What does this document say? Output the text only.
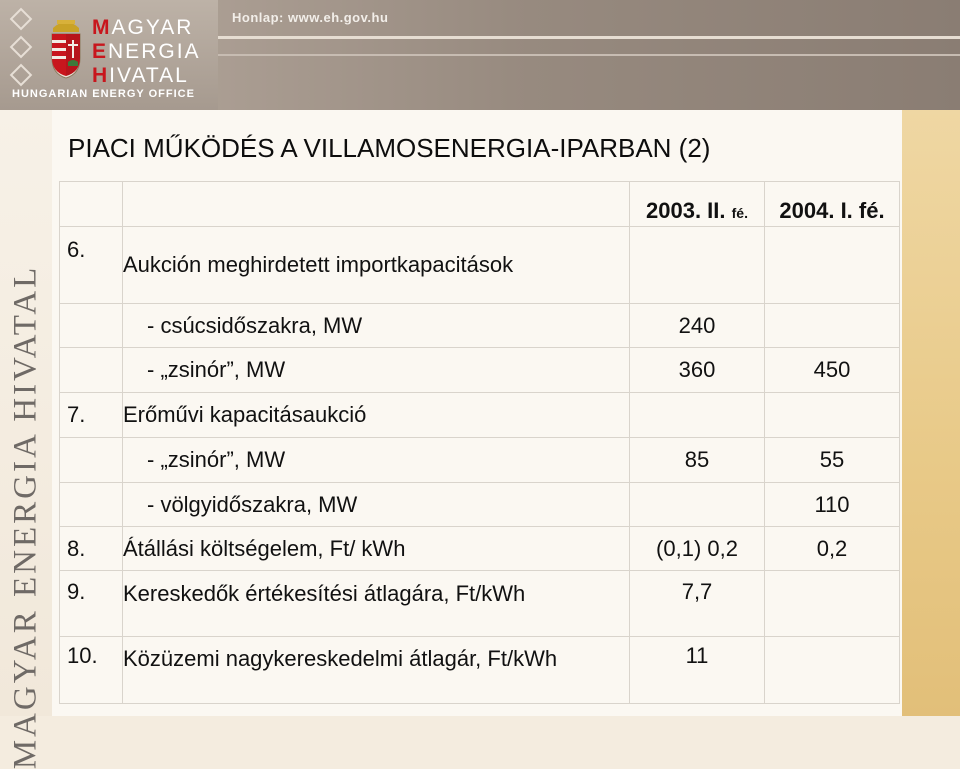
MAGYAR
ENERGIA
HIVATAL
HUNGARIAN ENERGY OFFICE
Honlap: www.eh.gov.hu
MAGYAR ENERGIA HIVATAL
PIACI MŰKÖDÉS A VILLAMOSENERGIA-IPARBAN (2)
		2003. II. fé.	2004. I. fé.
6.	Aukción meghirdetett importkapacitások		
	- csúcsidőszakra, MW	240	
	- „zsinór”, MW	360	450
7.	Erőművi kapacitásaukció		
	- „zsinór”, MW	85	55
	- völgyidőszakra, MW		110
8.	Átállási költségelem, Ft/ kWh	(0,1) 0,2	0,2
9.	Kereskedők értékesítési átlagára, Ft/kWh	7,7	
10.	Közüzemi nagykereskedelmi átlagár, Ft/kWh	11	
